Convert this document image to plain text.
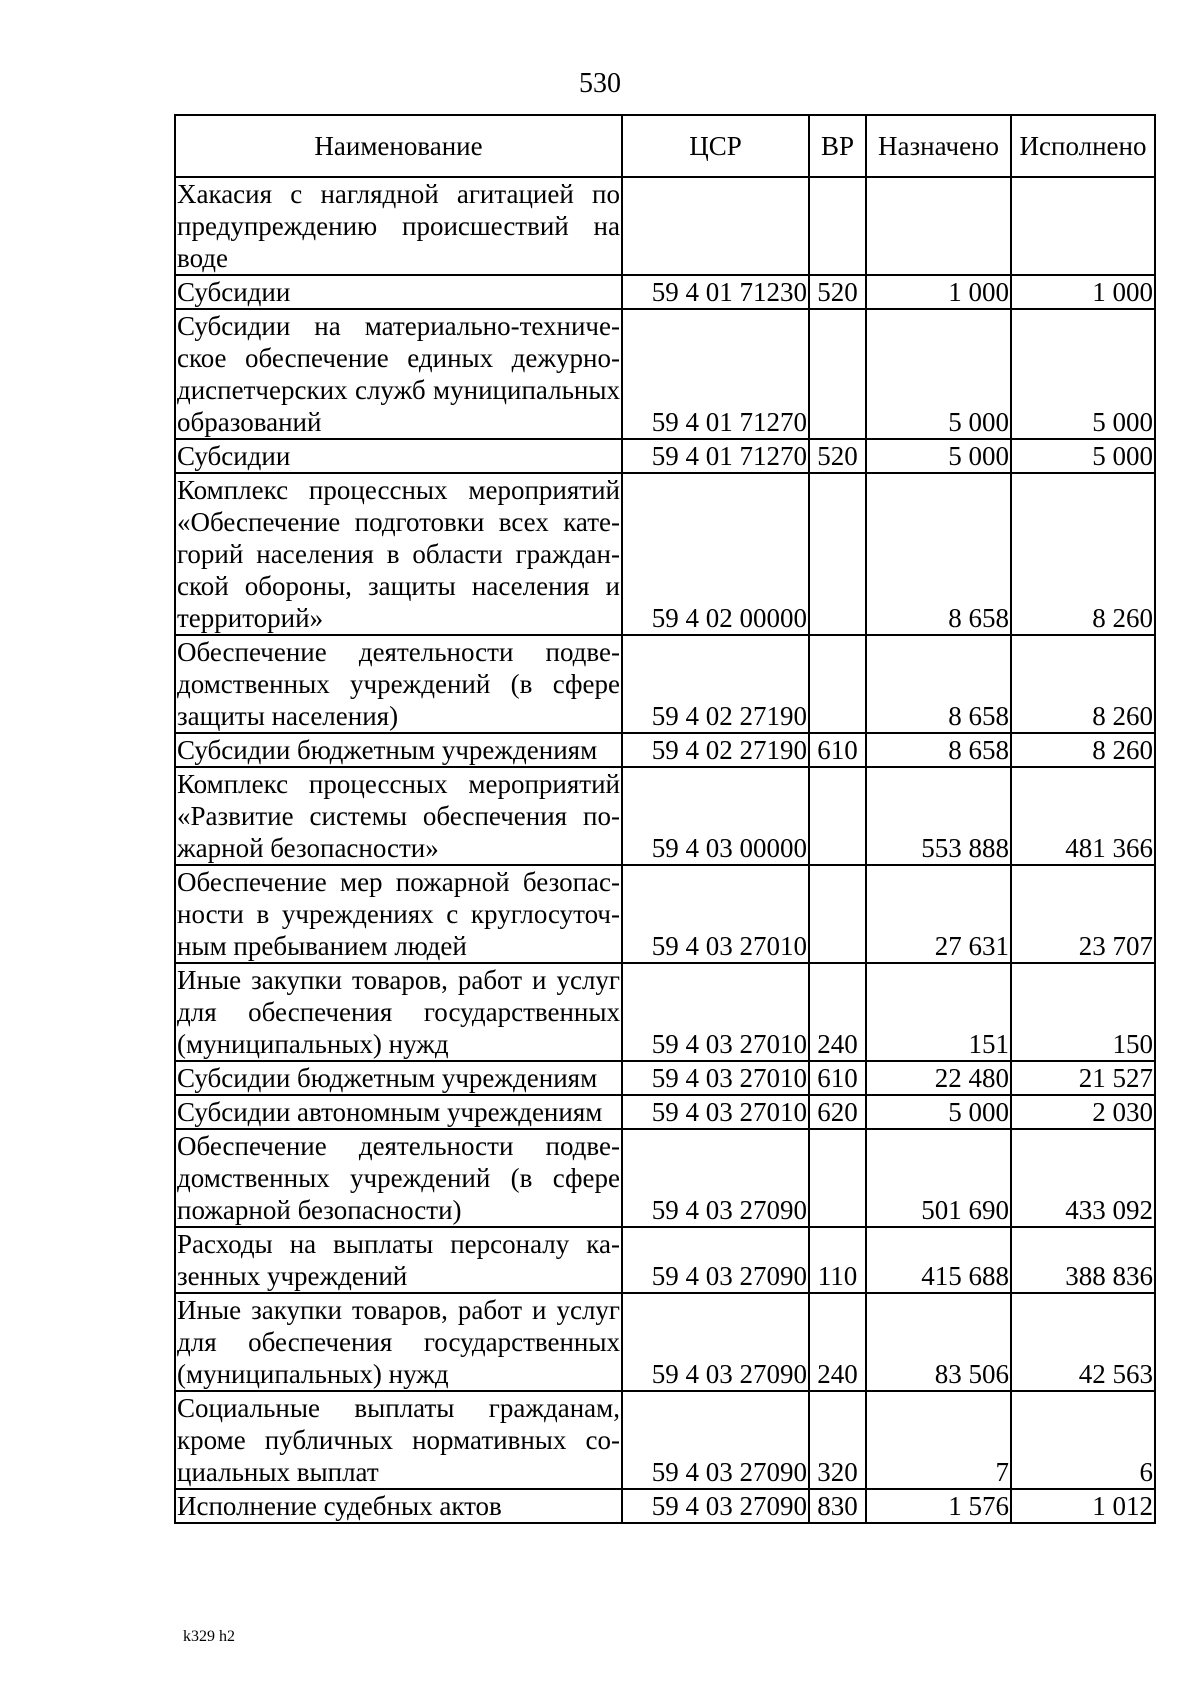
530
Наименование	ЦСР	ВР	Назначено	Исполнено
Хакасия с наглядной агитацией по предупреждению происшествий на воде				
Субсидии	59 4 01 71230	520	1 000	1 000
Субсидии на материально-техническое обеспечение единых дежурно-диспетчерских служб муниципальных образований	59 4 01 71270		5 000	5 000
Субсидии	59 4 01 71270	520	5 000	5 000
Комплекс процессных мероприятий «Обеспечение подготовки всех категорий населения в области гражданской обороны, защиты населения и территорий»	59 4 02 00000		8 658	8 260
Обеспечение деятельности подведомственных учреждений (в сфере защиты населения)	59 4 02 27190		8 658	8 260
Субсидии бюджетным учреждениям	59 4 02 27190	610	8 658	8 260
Комплекс процессных мероприятий «Развитие системы обеспечения пожарной безопасности»	59 4 03 00000		553 888	481 366
Обеспечение мер пожарной безопасности в учреждениях с круглосуточным пребыванием людей	59 4 03 27010		27 631	23 707
Иные закупки товаров, работ и услуг для обеспечения государственных (муниципальных) нужд	59 4 03 27010	240	151	150
Субсидии бюджетным учреждениям	59 4 03 27010	610	22 480	21 527
Субсидии автономным учреждениям	59 4 03 27010	620	5 000	2 030
Обеспечение деятельности подведомственных учреждений (в сфере пожарной безопасности)	59 4 03 27090		501 690	433 092
Расходы на выплаты персоналу казенных учреждений	59 4 03 27090	110	415 688	388 836
Иные закупки товаров, работ и услуг для обеспечения государственных (муниципальных) нужд	59 4 03 27090	240	83 506	42 563
Социальные выплаты гражданам, кроме публичных нормативных социальных выплат	59 4 03 27090	320	7	6
Исполнение судебных актов	59 4 03 27090	830	1 576	1 012
k329 h2
